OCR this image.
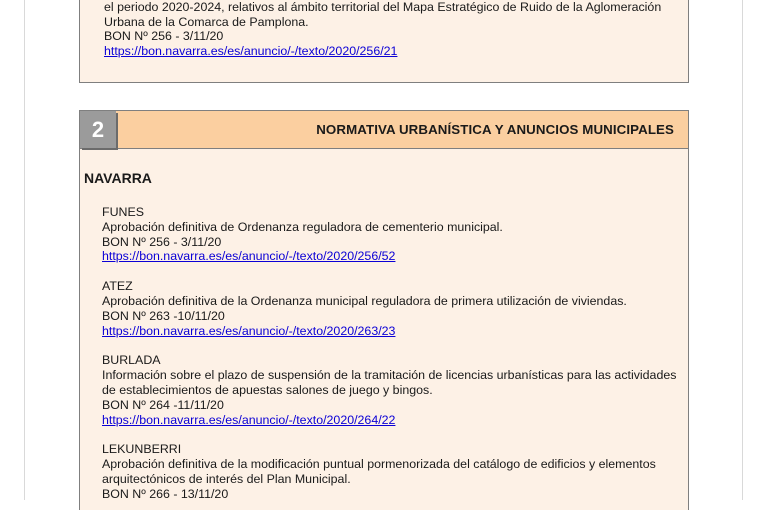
el periodo 2020-2024, relativos al ámbito territorial del Mapa Estratégico de Ruido de la Aglomeración
Urbana de la Comarca de Pamplona.
BON Nº 256 - 3/11/20
https://bon.navarra.es/es/anuncio/-/texto/2020/256/21
2	NORMATIVA URBANÍSTICA Y ANUNCIOS MUNICIPALES
NAVARRA
FUNES
Aprobación definitiva de Ordenanza reguladora de cementerio municipal.
BON Nº 256 - 3/11/20
https://bon.navarra.es/es/anuncio/-/texto/2020/256/52
ATEZ
Aprobación definitiva de la Ordenanza municipal reguladora de primera utilización de viviendas.
BON Nº 263 -10/11/20
https://bon.navarra.es/es/anuncio/-/texto/2020/263/23
BURLADA
Información sobre el plazo de suspensión de la tramitación de licencias urbanísticas para las actividades de establecimientos de apuestas salones de juego y bingos.
BON Nº 264 -11/11/20
https://bon.navarra.es/es/anuncio/-/texto/2020/264/22
LEKUNBERRI
Aprobación definitiva de la modificación puntual pormenorizada del catálogo de edificios y elementos arquitectónicos de interés del Plan Municipal.
BON Nº 266 - 13/11/20
